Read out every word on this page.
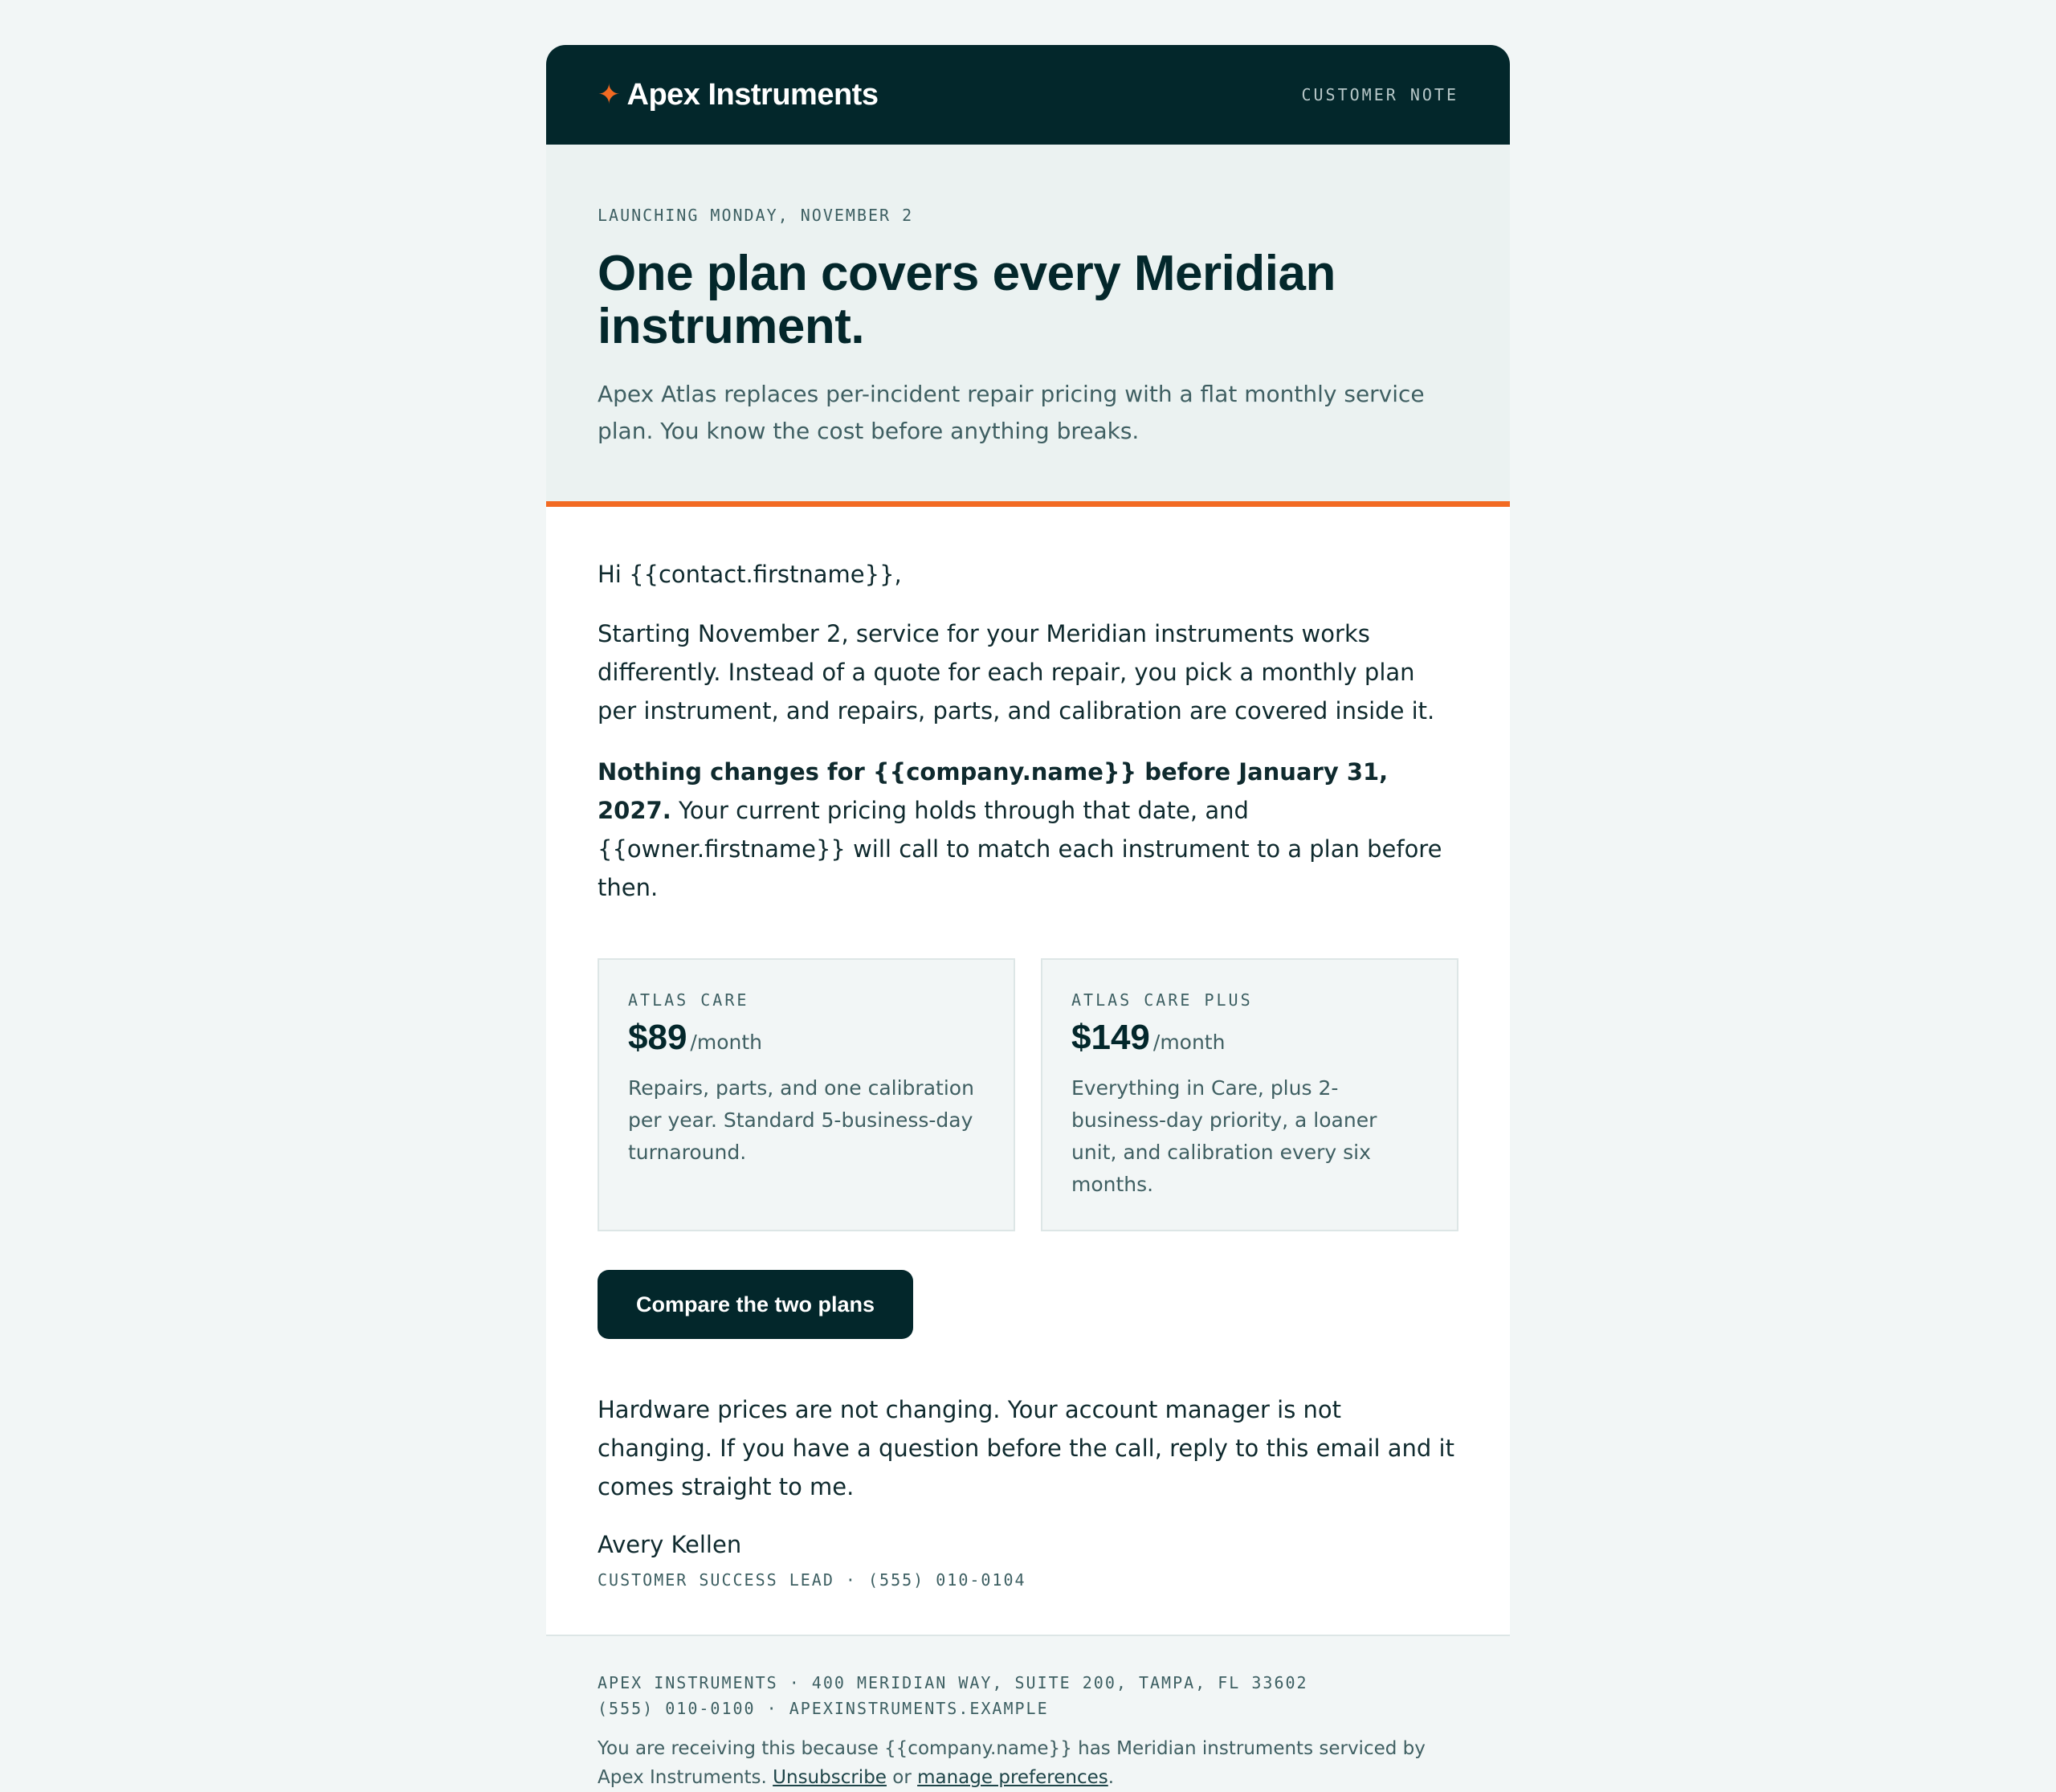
✦ Apex Instruments	CUSTOMER NOTE

LAUNCHING MONDAY, NOVEMBER 2

One plan covers every Meridian instrument.

Apex Atlas replaces per-incident repair pricing with a flat monthly service plan. You know the cost before anything breaks.

Hi {{contact.firstname}},

Starting November 2, service for your Meridian instruments works differently. Instead of a quote for each repair, you pick a monthly plan per instrument, and repairs, parts, and calibration are covered inside it.

Nothing changes for {{company.name}} before January 31, 2027. Your current pricing holds through that date, and {{owner.firstname}} will call to match each instrument to a plan before then.

ATLAS CARE

$89 /month

Repairs, parts, and one calibration per year. Standard 5-business-day turnaround.

ATLAS CARE PLUS

$149 /month

Everything in Care, plus 2-business-day priority, a loaner unit, and calibration every six months.

Compare the two plans

Hardware prices are not changing. Your account manager is not changing. If you have a question before the call, reply to this email and it comes straight to me.

Avery Kellen

CUSTOMER SUCCESS LEAD · (555) 010-0104

APEX INSTRUMENTS · 400 MERIDIAN WAY, SUITE 200, TAMPA, FL 33602

(555) 010-0100 · APEXINSTRUMENTS.EXAMPLE

You are receiving this because {{company.name}} has Meridian instruments serviced by Apex Instruments. Unsubscribe or manage preferences.
